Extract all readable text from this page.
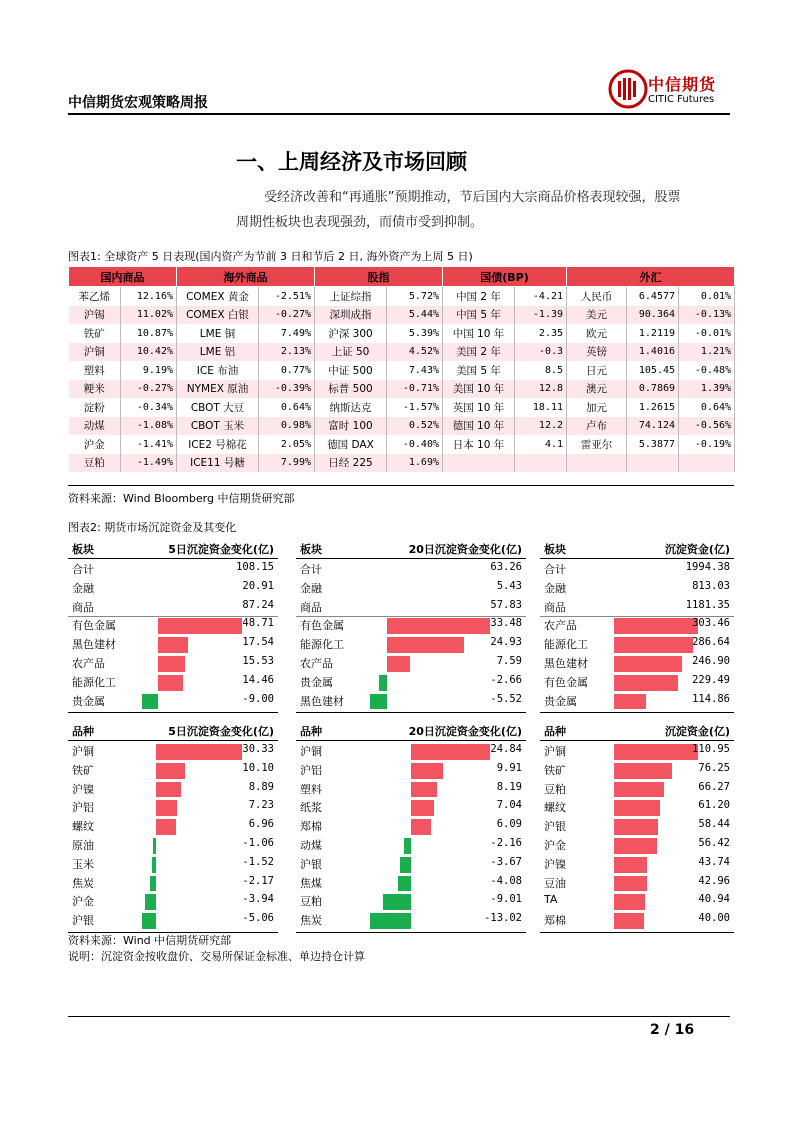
中信期货宏观策略周报
中信期货
CITIC Futures
一、上周经济及市场回顾
受经济改善和“再通胀”预期推动，节后国内大宗商品价格表现较强，股票
周期性板块也表现强劲，而债市受到抑制。
图表1: 全球资产 5 日表现(国内资产为节前 3 日和节后 2 日, 海外资产为上周 5 日)
国内商品		海外商品		股指		国债(BP)		外汇		
苯乙烯	12.16%	COMEX 黄金	-2.51%	上证综指	5.72%	中国 2 年	-4.21	人民币	6.4577	0.01%
沪锡	11.02%	COMEX 白银	-0.27%	深圳成指	5.44%	中国 5 年	-1.39	美元	90.364	-0.13%
铁矿	10.87%	LME 铜	7.49%	沪深 300	5.39%	中国 10 年	2.35	欧元	1.2119	-0.01%
沪铜	10.42%	LME 铝	2.13%	上证 50	4.52%	美国 2 年	-0.3	英镑	1.4016	1.21%
塑料	9.19%	ICE 布油	0.77%	中证 500	7.43%	美国 5 年	8.5	日元	105.45	-0.48%
粳米	-0.27%	NYMEX 原油	-0.39%	标普 500	-0.71%	美国 10 年	12.8	澳元	0.7869	1.39%
淀粉	-0.34%	CBOT 大豆	0.64%	纳斯达克	-1.57%	英国 10 年	18.11	加元	1.2615	0.64%
动煤	-1.08%	CBOT 玉米	0.98%	富时 100	0.52%	德国 10 年	12.2	卢布	74.124	-0.56%
沪金	-1.41%	ICE2 号棉花	2.05%	德国 DAX	-0.40%	日本 10 年	4.1	雷亚尔	5.3877	-0.19%
豆粕	-1.49%	ICE11 号糖	7.99%	日经 225	1.69%					
资料来源：Wind Bloomberg 中信期货研究部
图表2: 期货市场沉淀资金及其变化
板块	5日沉淀资金变化(亿)
合计	108.15
金融	20.91
商品	87.24
有色金属	48.71
黑色建材	17.54
农产品	15.53
能源化工	14.46
贵金属	-9.00
板块	20日沉淀资金变化(亿)
合计	63.26
金融	5.43
商品	57.83
有色金属	33.48
能源化工	24.93
农产品	7.59
贵金属	-2.66
黑色建材	-5.52
板块	沉淀资金(亿)
合计	1994.38
金融	813.03
商品	1181.35
农产品	303.46
能源化工	286.64
黑色建材	246.90
有色金属	229.49
贵金属	114.86
品种	5日沉淀资金变化(亿)
沪铜	30.33
铁矿	10.10
沪镍	8.89
沪铝	7.23
螺纹	6.96
原油	-1.06
玉米	-1.52
焦炭	-2.17
沪金	-3.94
沪银	-5.06
品种	20日沉淀资金变化(亿)
沪铜	24.84
沪铝	9.91
塑料	8.19
纸浆	7.04
郑棉	6.09
动煤	-2.16
沪银	-3.67
焦煤	-4.08
豆粕	-9.01
焦炭	-13.02
品种	沉淀资金(亿)
沪铜	110.95
铁矿	76.25
豆粕	66.27
螺纹	61.20
沪银	58.44
沪金	56.42
沪镍	43.74
豆油	42.96
TA	40.94
郑棉	40.00
资料来源：Wind 中信期货研究部
说明：沉淀资金按收盘价、交易所保证金标准、单边持仓计算
2 / 16
